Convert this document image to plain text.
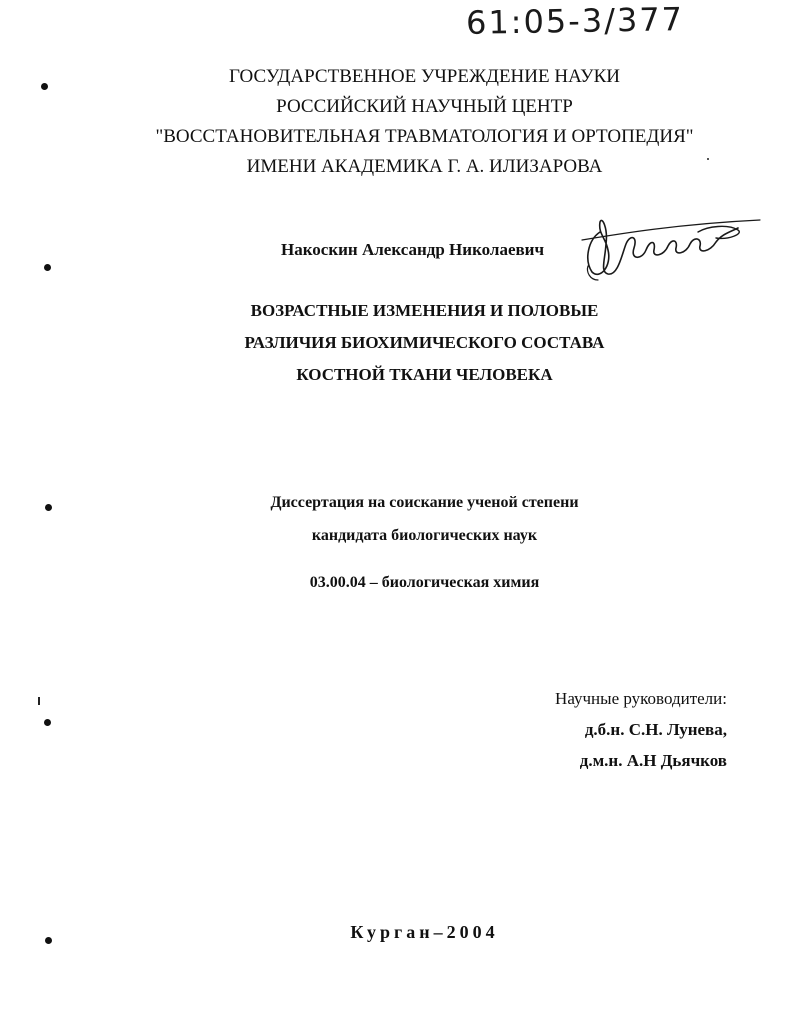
61:05-3/377
ГОСУДАРСТВЕННОЕ УЧРЕЖДЕНИЕ НАУКИ
РОССИЙСКИЙ НАУЧНЫЙ ЦЕНТР
"ВОССТАНОВИТЕЛЬНАЯ ТРАВМАТОЛОГИЯ И ОРТОПЕДИЯ"
ИМЕНИ АКАДЕМИКА Г. А. ИЛИЗАРОВА
Накоскин Александр Николаевич
ВОЗРАСТНЫЕ ИЗМЕНЕНИЯ И ПОЛОВЫЕ
РАЗЛИЧИЯ БИОХИМИЧЕСКОГО СОСТАВА
КОСТНОЙ ТКАНИ ЧЕЛОВЕКА
Диссертация на соискание ученой степени
кандидата биологических наук
03.00.04 – биологическая химия
Научные руководители:
д.б.н. С.Н. Лунева,
д.м.н. А.Н Дьячков
Курган–2004
